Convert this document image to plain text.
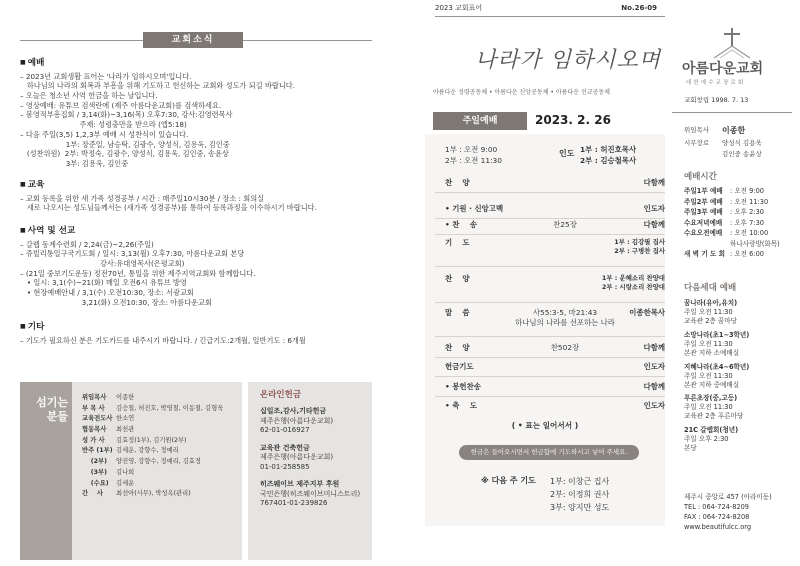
교회소식
■ 예배
– 2023년 교회생활 표어는 '나라가 임하시오며'입니다.
하나님의 나라의 회복과 부흥을 위해 기도하고 헌신하는 교회와 성도가 되길 바랍니다.
– 오늘은 청소년 사역 헌금을 하는 날입니다.
– 영상예배: 유튜브 검색란에 (제주 아름다운교회)를 검색하세요.
– 봄영적부흥집회 / 3,14(화)~3,16(목) 오후7:30, 강사:김영련목사
주제: 성령충만을 받으라 (엡5:18)
– 다음 주일(3,5) 1,2,3부 예배 시 성찬식이 있습니다.
1부: 장준일, 남승탁, 김광수, 양성식, 김용욱, 김인중
(성찬위원)  2부: 박정숙, 김광수, 양성식, 김용욱, 김인중, 송윤상
3부: 김용욱, 김인중
■ 교육
– 교회 등록을 위한 새 가족 성경공부 / 시간 : 매주일10시30분 / 장소 : 회의실
새로 나오시는 성도님들께서는 (새가족 성경공부)를 통하여 등록과정을 이수하시기 바랍니다.
■ 사역 및 선교
– 갈렙 동계수련회 / 2,24(금)~2,26(주일)
– 쥬빌리통일구국기도회 / 일시: 3,13(월) 오후7:30, 아름다운교회 본당
강사:유대영목사(은평교회)
– (21일 중보기도운동) 정전70년, 통일을 위한 제주지역교회와 함께합니다.
• 일시: 3,1(수)~21(화) 매일 오전6시 유튜브 방영
• 현장예배안내 / 3,1(수) 오전10:30, 장소: 서광교회
3,21(화) 오전10:30, 장소: 아름다운교회
■ 기타
– 기도가 필요하신 분은 기도카드를 내주시기 바랍니다. / 긴급기도:2개월, 일반기도 : 6개월
섬기는 분들
위임목사	이종한
부 목 사	김승철, 허진호, 박영철, 이동철, 김형욱
교육전도사 한소연
협동목사	최천관
성 가 사	김효정(1부), 김기원(2부)
반주 (1부) 김세운, 강향수, 정예리
(2부)	양진영, 강향수, 정예리, 김효정
(3부)	김나희
(수요)	김세운
간    사	최선아(사무), 박성옥(관리)
온라인헌금
십일조,감사,기타헌금
제주은행(아름다운교회)
62-01-016927
교육관 건축헌금
제주은행(아름다운교회)
01-01-258585
히즈웨이브 제주지부 후원
국민은행(히즈웨이브미니스트리)
767401-01-239826
2023 교회표어	No.26-09
나라가 임하시오며
아름다운 성령공동체 • 아름다운 신앙공동체 • 아름다운 선교공동체
주일예배	2023. 2. 26
1부 : 오전 9:00
2부 : 오전 11:30
인도 1부 : 허진호목사
2부 : 김승철목사
찬    양	다함께
• 기원 · 신앙고백	인도자
• 찬    송	찬25장	다함께
기    도	1부 : 김강필 집사
2부 : 구병찬 집사
찬    양	1부 : 운혜소리 찬양대
2부 : 시랑소리 찬양대
말    씀	사55:3-5, 마21:43
하나님의 나라를 선포하는 나라
이종한목사
찬    양	찬502장	다함께
헌금기도	인도자
• 봉헌찬송	다함께
• 축    도	인도자
( • 표는 일어서서 )
헌금은 들어오시면서 헌금함에 기도하시고 넣어 주세요.
※ 다음 주 기도 1부: 이창근 집사
2부: 이정희 권사
3부: 양지만 성도
아름다운교회
대한예수교장로회
교회창립 1998. 7. 13
위임목사	이종한
시무장로	양성식 김용욱
김인중 송윤상
예배시간
주일1부 예배 : 오전 9:00
주일2부 예배 : 오전 11:30
주일3부 예배 : 오후 2:30
수요저녁예배 : 오후 7:30
수요오전예배 : 오전 10:00
하나사랑방(화목)
새 벽 기 도 회 : 오전 6:00
다음세대 예배
꿈나라(유아,유치)
주일 오전 11:30
교육관 2층 꿈마당
소망나라(초1~3학년)
주일 오전 11:30
본관 지하 소예배실
지혜나라(초4~6학년)
주일 오전 11:30
본관 지하 중예배실
푸른초장(중,고등)
주일 오전 11:30
교육관 2층 푸른마당
21C 갈렙회(청년)
주일 오후 2:30
본당
제주시 중앙로 457 (아라이동)
TEL : 064-724-8209
FAX : 064-724-8208
www.beautifulcc.org
